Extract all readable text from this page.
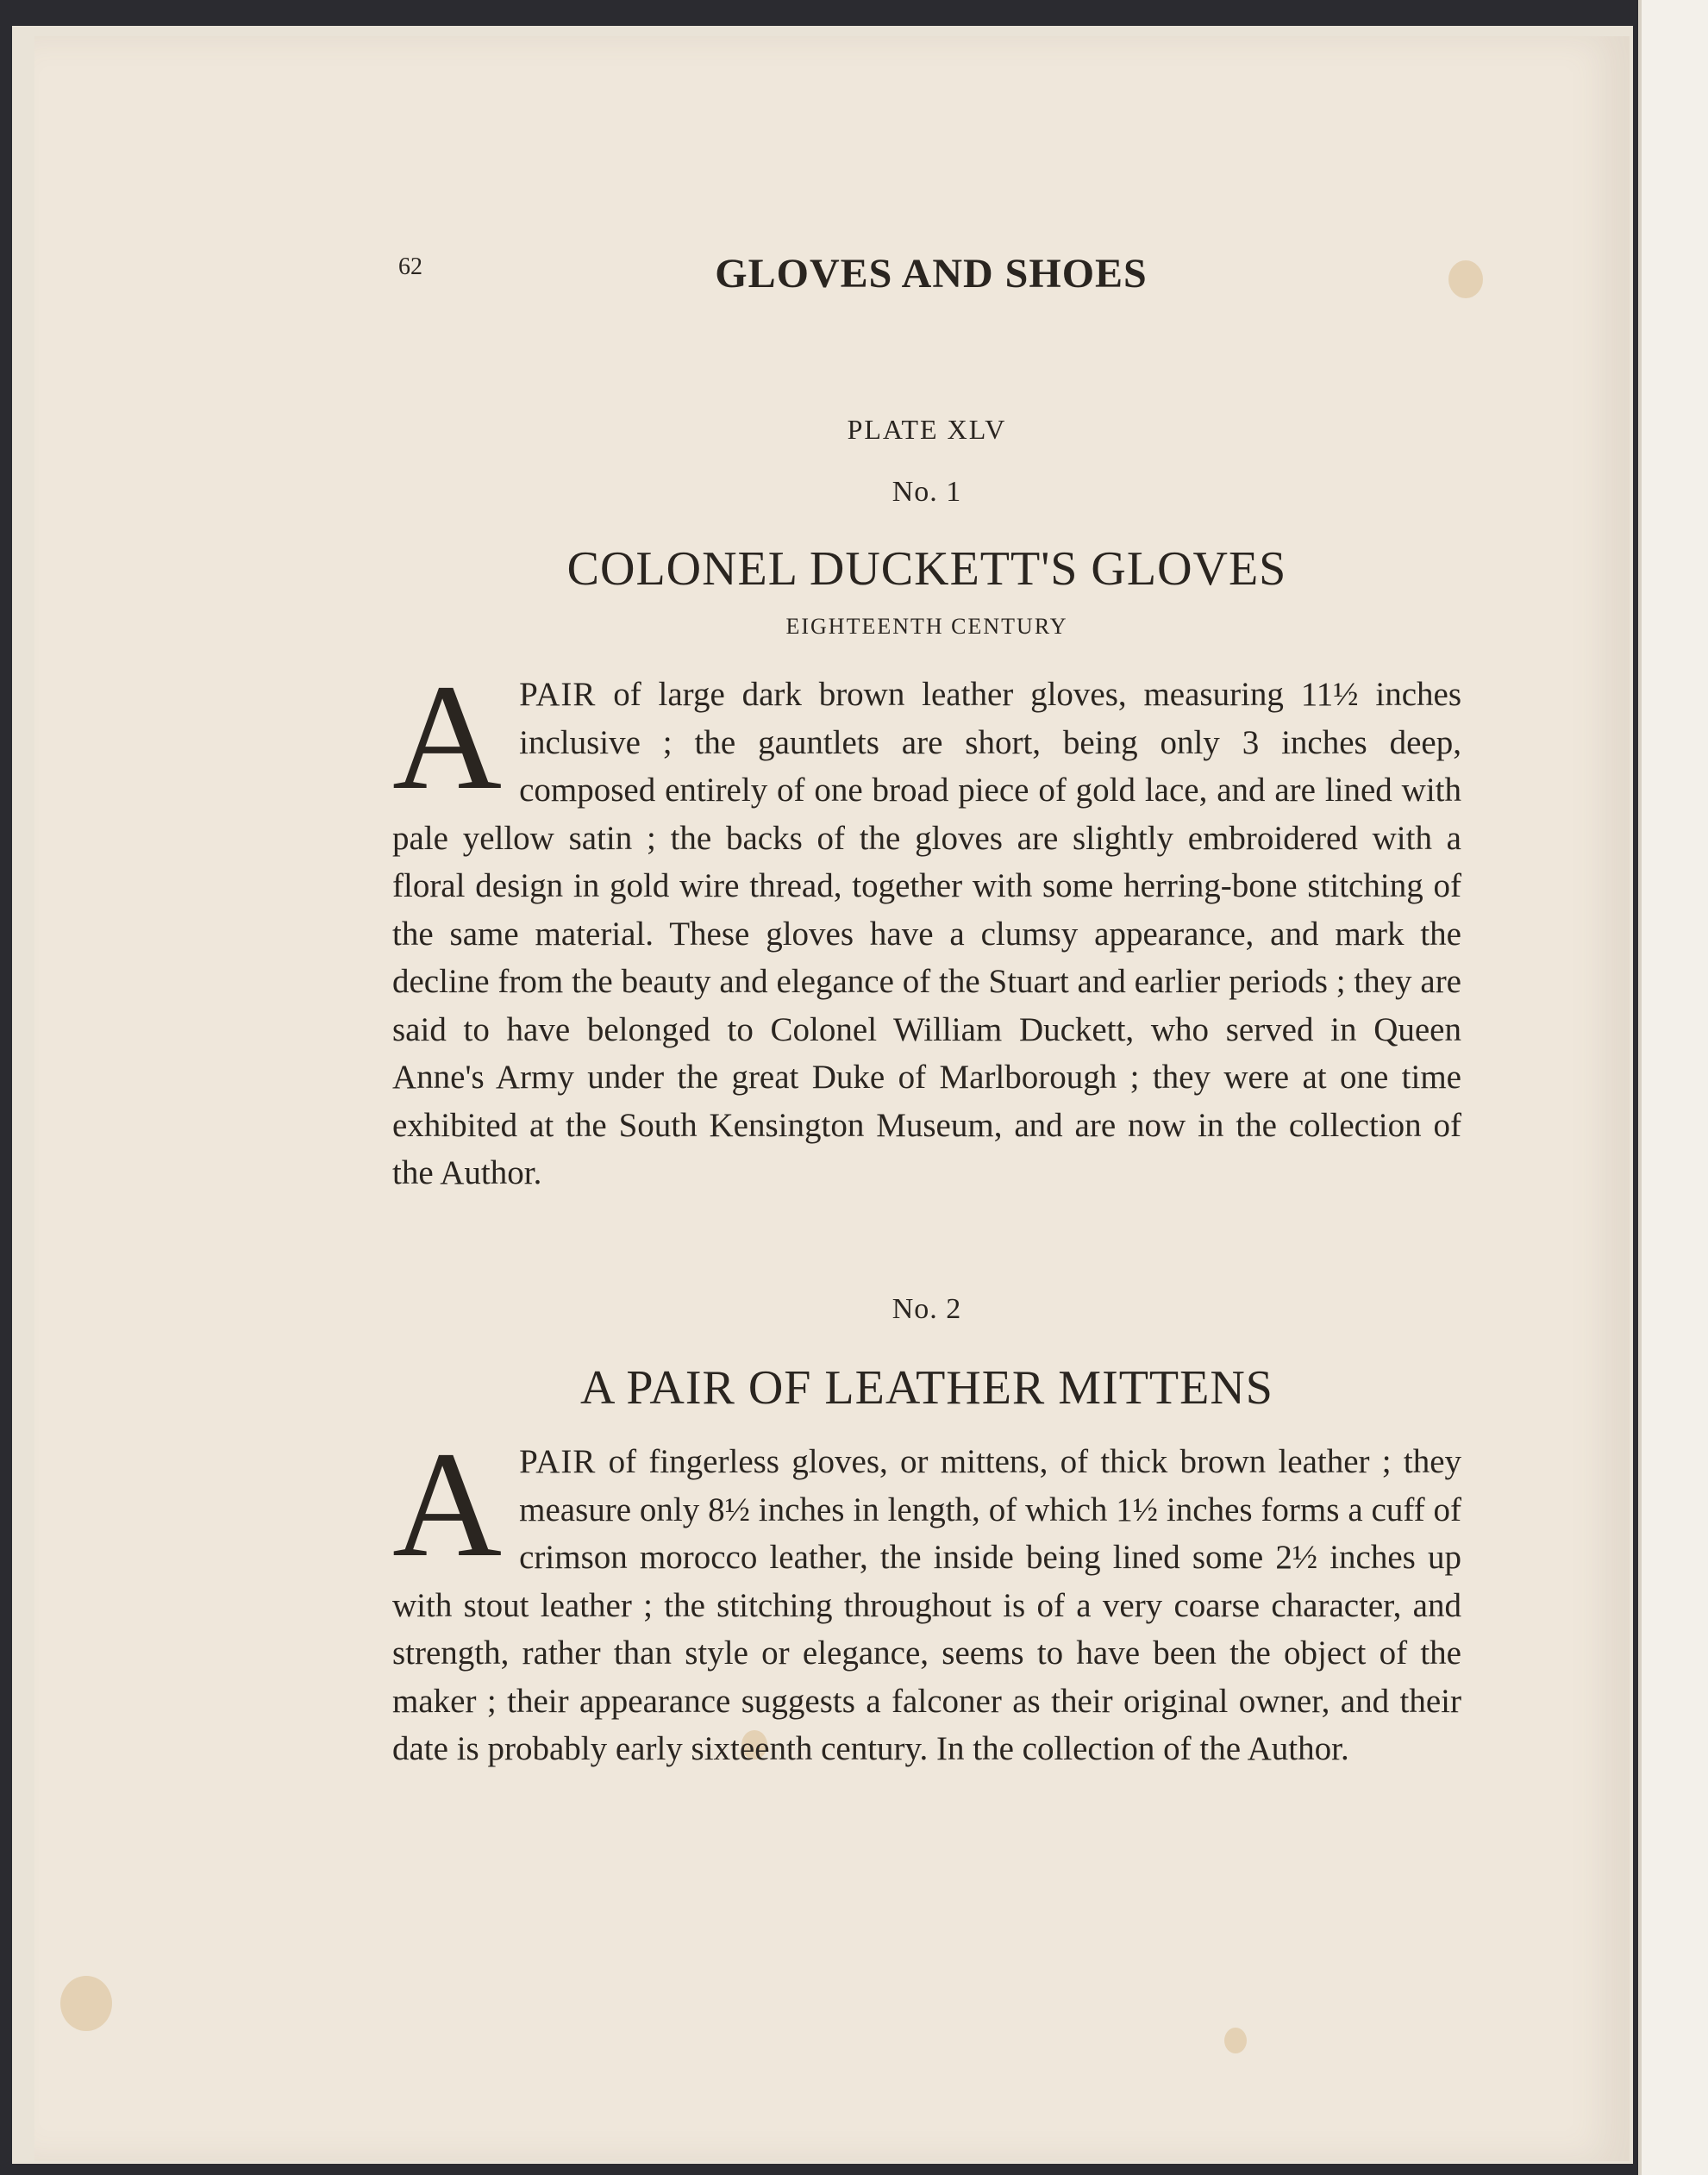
62	GLOVES AND SHOES
PLATE XLV
No. 1
COLONEL DUCKETT'S GLOVES
EIGHTEENTH CENTURY
APAIR of large dark brown leather gloves, measuring 11½ inches inclusive ; the gauntlets are short, being only 3 inches deep, composed entirely of one broad piece of gold lace, and are lined with pale yellow satin ; the backs of the gloves are slightly embroidered with a floral design in gold wire thread, together with some herring-bone stitching of the same material. These gloves have a clumsy appearance, and mark the decline from the beauty and elegance of the Stuart and earlier periods ; they are said to have belonged to Colonel William Duckett, who served in Queen Anne's Army under the great Duke of Marlborough ; they were at one time exhibited at the South Kensington Museum, and are now in the collection of the Author.
No. 2
A PAIR OF LEATHER MITTENS
APAIR of fingerless gloves, or mittens, of thick brown leather ; they measure only 8½ inches in length, of which 1½ inches forms a cuff of crimson morocco leather, the inside being lined some 2½ inches up with stout leather ; the stitching throughout is of a very coarse character, and strength, rather than style or elegance, seems to have been the object of the maker ; their appearance suggests a falconer as their original owner, and their date is probably early sixteenth century. In the collection of the Author.
